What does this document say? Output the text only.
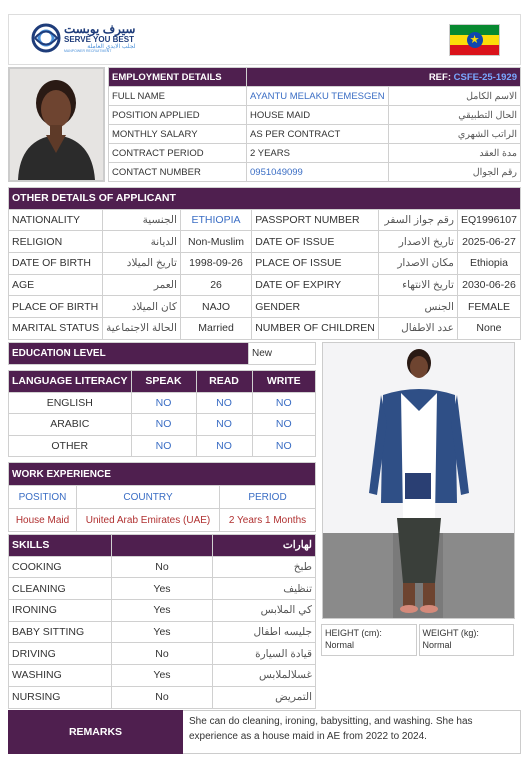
سيرف يوبست
SERVE YOU BEST
لجلب الايدي العاملة
MANPOWER RECRUITMENT
★
EMPLOYMENT DETAILS	REF: CSFE-25-1929	
FULL NAME	AYANTU MELAKU TEMESGEN	الاسم الكامل
POSITION APPLIED	HOUSE MAID	الحال التطبيقي
MONTHLY SALARY	AS PER CONTRACT	الراتب الشهري
CONTRACT PERIOD	2 YEARS	مدة العقد
CONTACT NUMBER	0951049099	رقم الجوال
OTHER DETAILS OF APPLICANT					
NATIONALITY	الجنسية	ETHIOPIA	PASSPORT NUMBER	رقم جواز السفر	EQ1996107
RELIGION	الديانة	Non-Muslim	DATE OF ISSUE	تاريخ الاصدار	2025-06-27
DATE OF BIRTH	تاريخ الميلاد	1998-09-26	PLACE OF ISSUE	مكان الاصدار	Ethiopia
AGE	العمر	26	DATE OF EXPIRY	تاريخ الانتهاء	2030-06-26
PLACE OF BIRTH	كان الميلاد	NAJO	GENDER	الجنس	FEMALE
MARITAL STATUS	الحالة الاجتماعية	Married	NUMBER OF CHILDREN	عدد الاطفال	None
EDUCATION LEVEL	New
LANGUAGE LITERACY	SPEAK	READ	WRITE
ENGLISH	NO	NO	NO
ARABIC	NO	NO	NO
OTHER	NO	NO	NO
WORK EXPERIENCE		
POSITION	COUNTRY	PERIOD
House Maid	United Arab Emirates (UAE)	2 Years 1 Months
SKILLS		لهارات
COOKING	No	طبخ
CLEANING	Yes	تنظيف
IRONING	Yes	كي الملابس
BABY SITTING	Yes	جليسه اطفال
DRIVING	No	قيادة السيارة
WASHING	Yes	غسلالملابس
NURSING	No	التمريض
HEIGHT (cm):
Normal
WEIGHT (kg):
Normal
REMARKS
She can do cleaning, ironing, babysitting, and washing. She has experience as a house maid in AE from 2022 to 2024.
